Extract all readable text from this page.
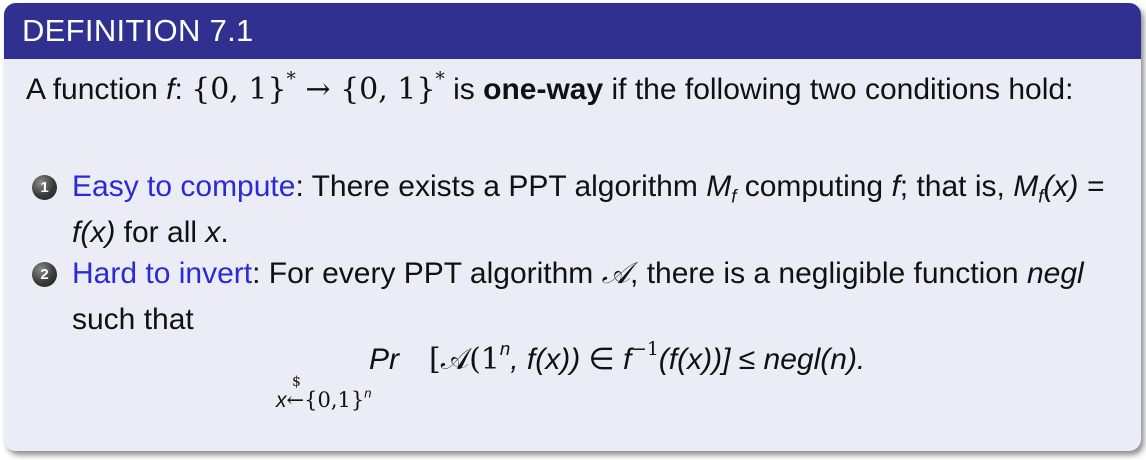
DEFINITION 7.1
A function f: {0, 1}* → {0, 1}* is one-way if the following two conditions hold:
1 Easy to compute: There exists a PPT algorithm $M_f$ computing f; that is, $M_f(x) = f(x)$ for all x.
2 Hard to invert: For every PPT algorithm 𝒜, there is a negligible function negl such that
Pr [𝒜(1$^n$, f(x)) ∈ $f^{-1}(f(x))$] ≤ negl(n).
$
$x\leftarrow\{0,1\}^n$
